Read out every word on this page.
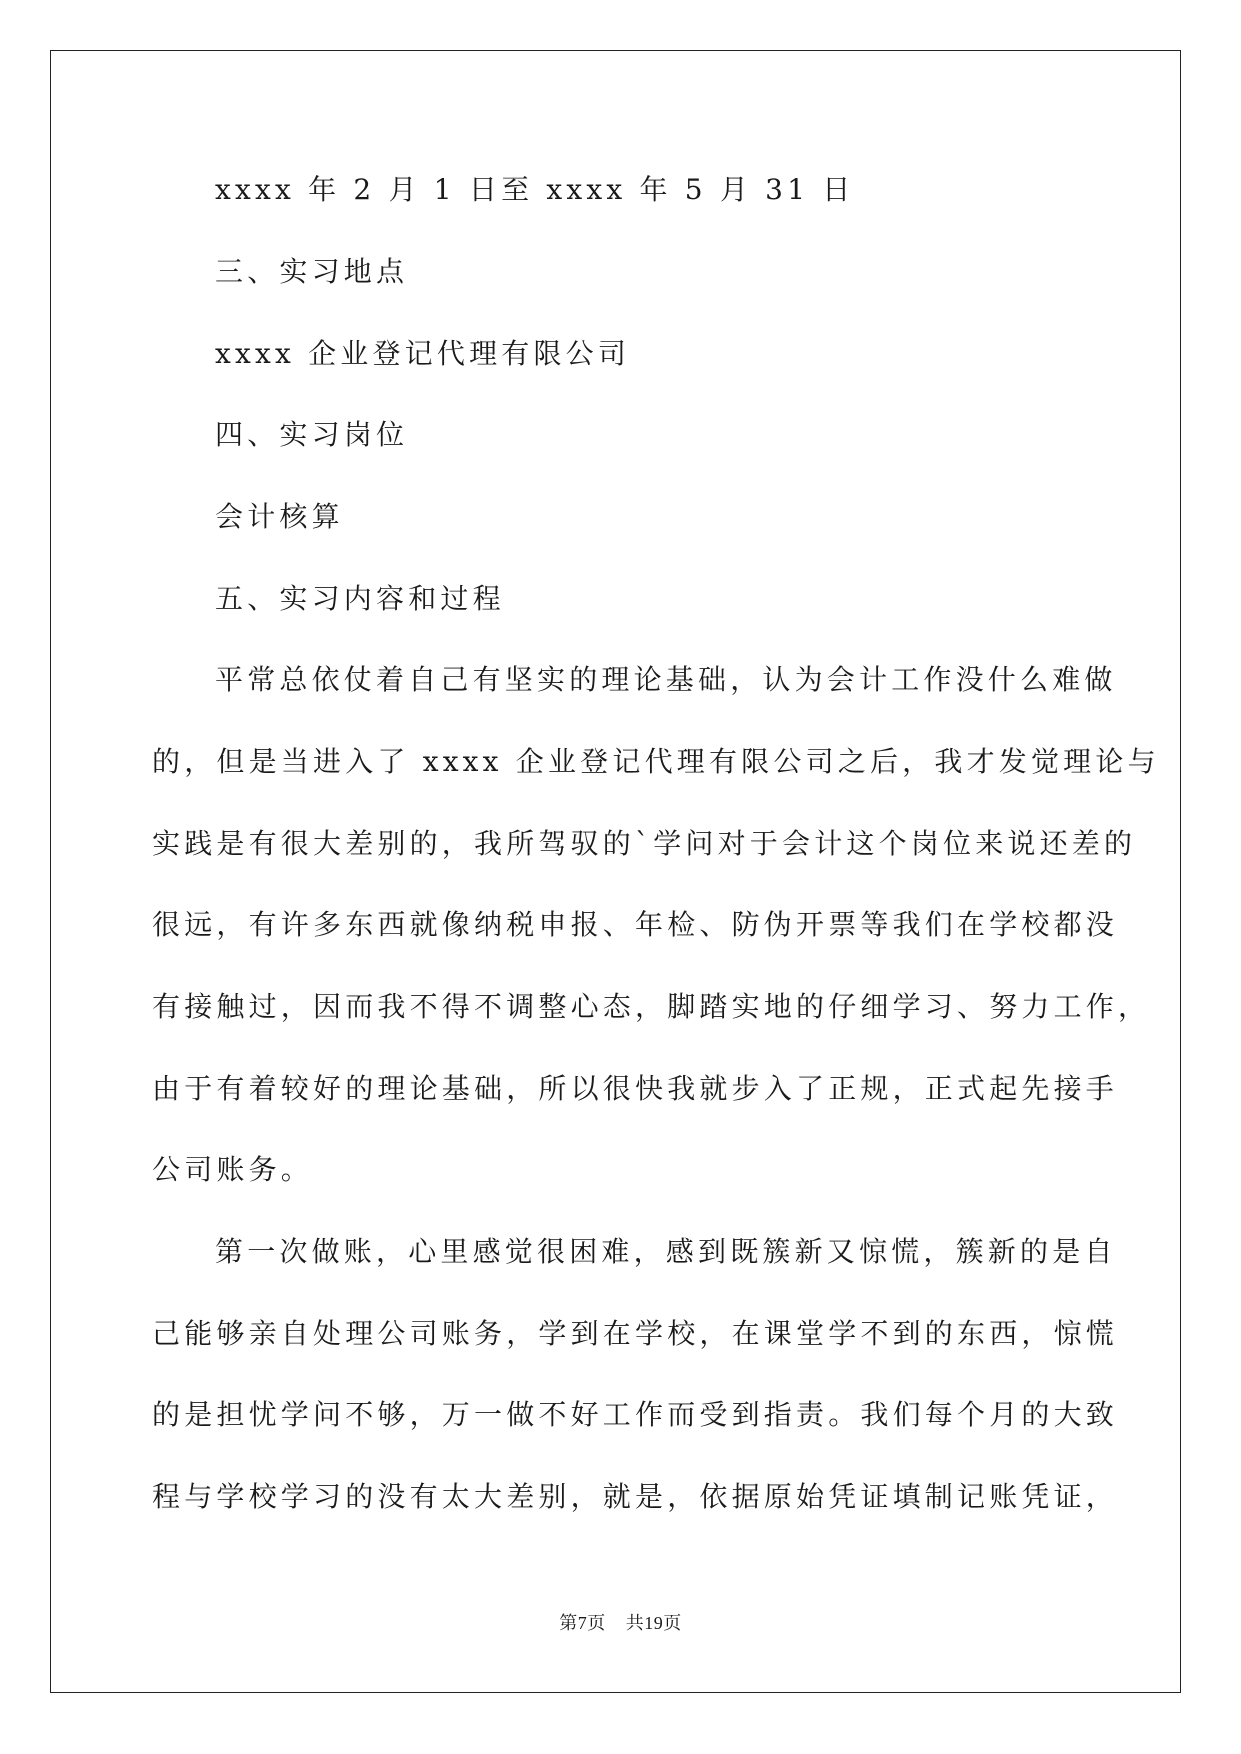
xxxx 年 2 月 1 日至 xxxx 年 5 月 31 日
三、实习地点
xxxx 企业登记代理有限公司
四、实习岗位
会计核算
五、实习内容和过程
平常总依仗着自己有坚实的理论基础，认为会计工作没什么难做
的，但是当进入了 xxxx 企业登记代理有限公司之后，我才发觉理论与
实践是有很大差别的，我所驾驭的`学问对于会计这个岗位来说还差的
很远，有许多东西就像纳税申报、年检、防伪开票等我们在学校都没
有接触过，因而我不得不调整心态，脚踏实地的仔细学习、努力工作，
由于有着较好的理论基础，所以很快我就步入了正规，正式起先接手
公司账务。
第一次做账，心里感觉很困难，感到既簇新又惊慌，簇新的是自
己能够亲自处理公司账务，学到在学校，在课堂学不到的东西，惊慌
的是担忧学问不够，万一做不好工作而受到指责。我们每个月的大致
程与学校学习的没有太大差别，就是，依据原始凭证填制记账凭证，
第7页 共19页
